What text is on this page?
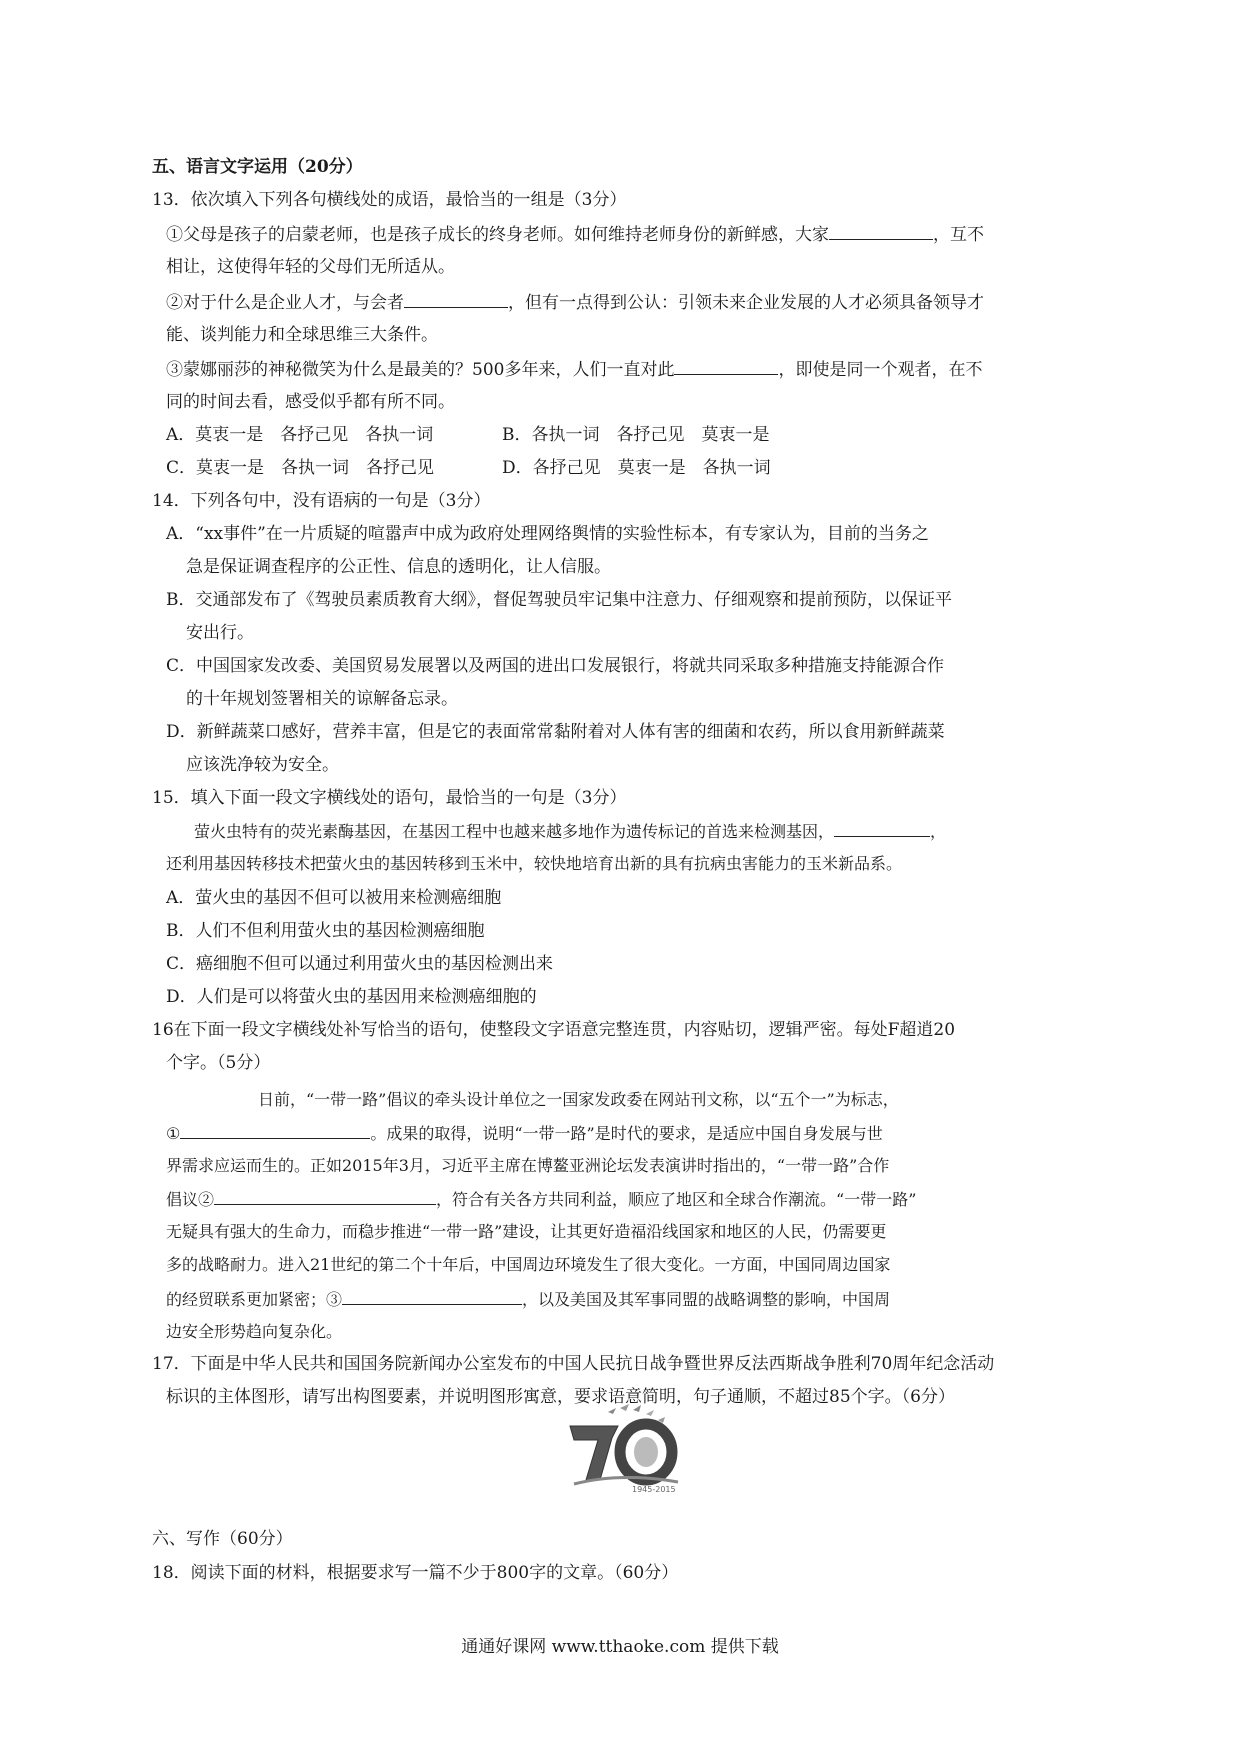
五、语言文字运用（20分）
13．依次填入下列各句横线处的成语，最恰当的一组是（3分）
①父母是孩子的启蒙老师，也是孩子成长的终身老师。如何维持老师身份的新鲜感，大家	，互不
相让，这使得年轻的父母们无所适从。
②对于什么是企业人才，与会者	，但有一点得到公认：引领未来企业发展的人才必须具备领导才
能、谈判能力和全球思维三大条件。
③蒙娜丽莎的神秘微笑为什么是最美的？500多年来，人们一直对此	，即使是同一个观者，在不
同的时间去看，感受似乎都有所不同。
A．莫衷一是　各抒己见　各执一词	B．各执一词　各抒己见　莫衷一是
C．莫衷一是　各执一词　各抒己见	D．各抒己见　莫衷一是　各执一词
14．下列各句中，没有语病的一句是（3分）
A．“xx事件”在一片质疑的喧嚣声中成为政府处理网络舆情的实验性标本，有专家认为，目前的当务之
急是保证调查程序的公正性、信息的透明化，让人信服。
B．交通部发布了《驾驶员素质教育大纲》，督促驾驶员牢记集中注意力、仔细观察和提前预防，以保证平
安出行。
C．中国国家发改委、美国贸易发展署以及两国的进出口发展银行，将就共同采取多种措施支持能源合作
的十年规划签署相关的谅解备忘录。
D．新鲜蔬菜口感好，营养丰富，但是它的表面常常黏附着对人体有害的细菌和农药，所以食用新鲜蔬菜
应该洗净较为安全。
15．填入下面一段文字横线处的语句，最恰当的一句是（3分）
萤火虫特有的荧光素酶基因，在基因工程中也越来越多地作为遗传标记的首选来检测基因，	，
还利用基因转移技术把萤火虫的基因转移到玉米中，较快地培育出新的具有抗病虫害能力的玉米新品系。
A．萤火虫的基因不但可以被用来检测癌细胞
B．人们不但利用萤火虫的基因检测癌细胞
C．癌细胞不但可以通过利用萤火虫的基因检测出来
D．人们是可以将萤火虫的基因用来检测癌细胞的
16在下面一段文字横线处补写恰当的语句，使整段文字语意完整连贯，内容贴切，逻辑严密。每处F超逍20
个字。（5分）
日前，“一带一路”倡议的牵头设计单位之一国家发政委在网站刊文称，以“五个一”为标志，
①	。成果的取得，说明“一带一路”是时代的要求，是适应中国自身发展与世
界需求应运而生的。正如2015年3月，习近平主席在博鳌亚洲论坛发表演讲时指出的，“一带一路”合作
倡议②	，符合有关各方共同利益，顺应了地区和全球合作潮流。“一带一路”
无疑具有强大的生命力，而稳步推进“一带一路”建设，让其更好造福沿线国家和地区的人民，仍需要更
多的战略耐力。进入21世纪的第二个十年后，中国周边环境发生了很大变化。一方面，中国同周边国家
的经贸联系更加紧密；③	，以及美国及其军事同盟的战略调整的影响，中国周
边安全形势趋向复杂化。
17．下面是中华人民共和国国务院新闻办公室发布的中国人民抗日战争暨世界反法西斯战争胜利70周年纪念活动
标识的主体图形，请写出构图要素，并说明图形寓意，要求语意简明，句子通顺，不超过85个字。（6分）
1945-2015
六、写作（60分）
18．阅读下面的材料，根据要求写一篇不少于800字的文章。（60分）
通通好课网 www.tthaoke.com 提供下载
